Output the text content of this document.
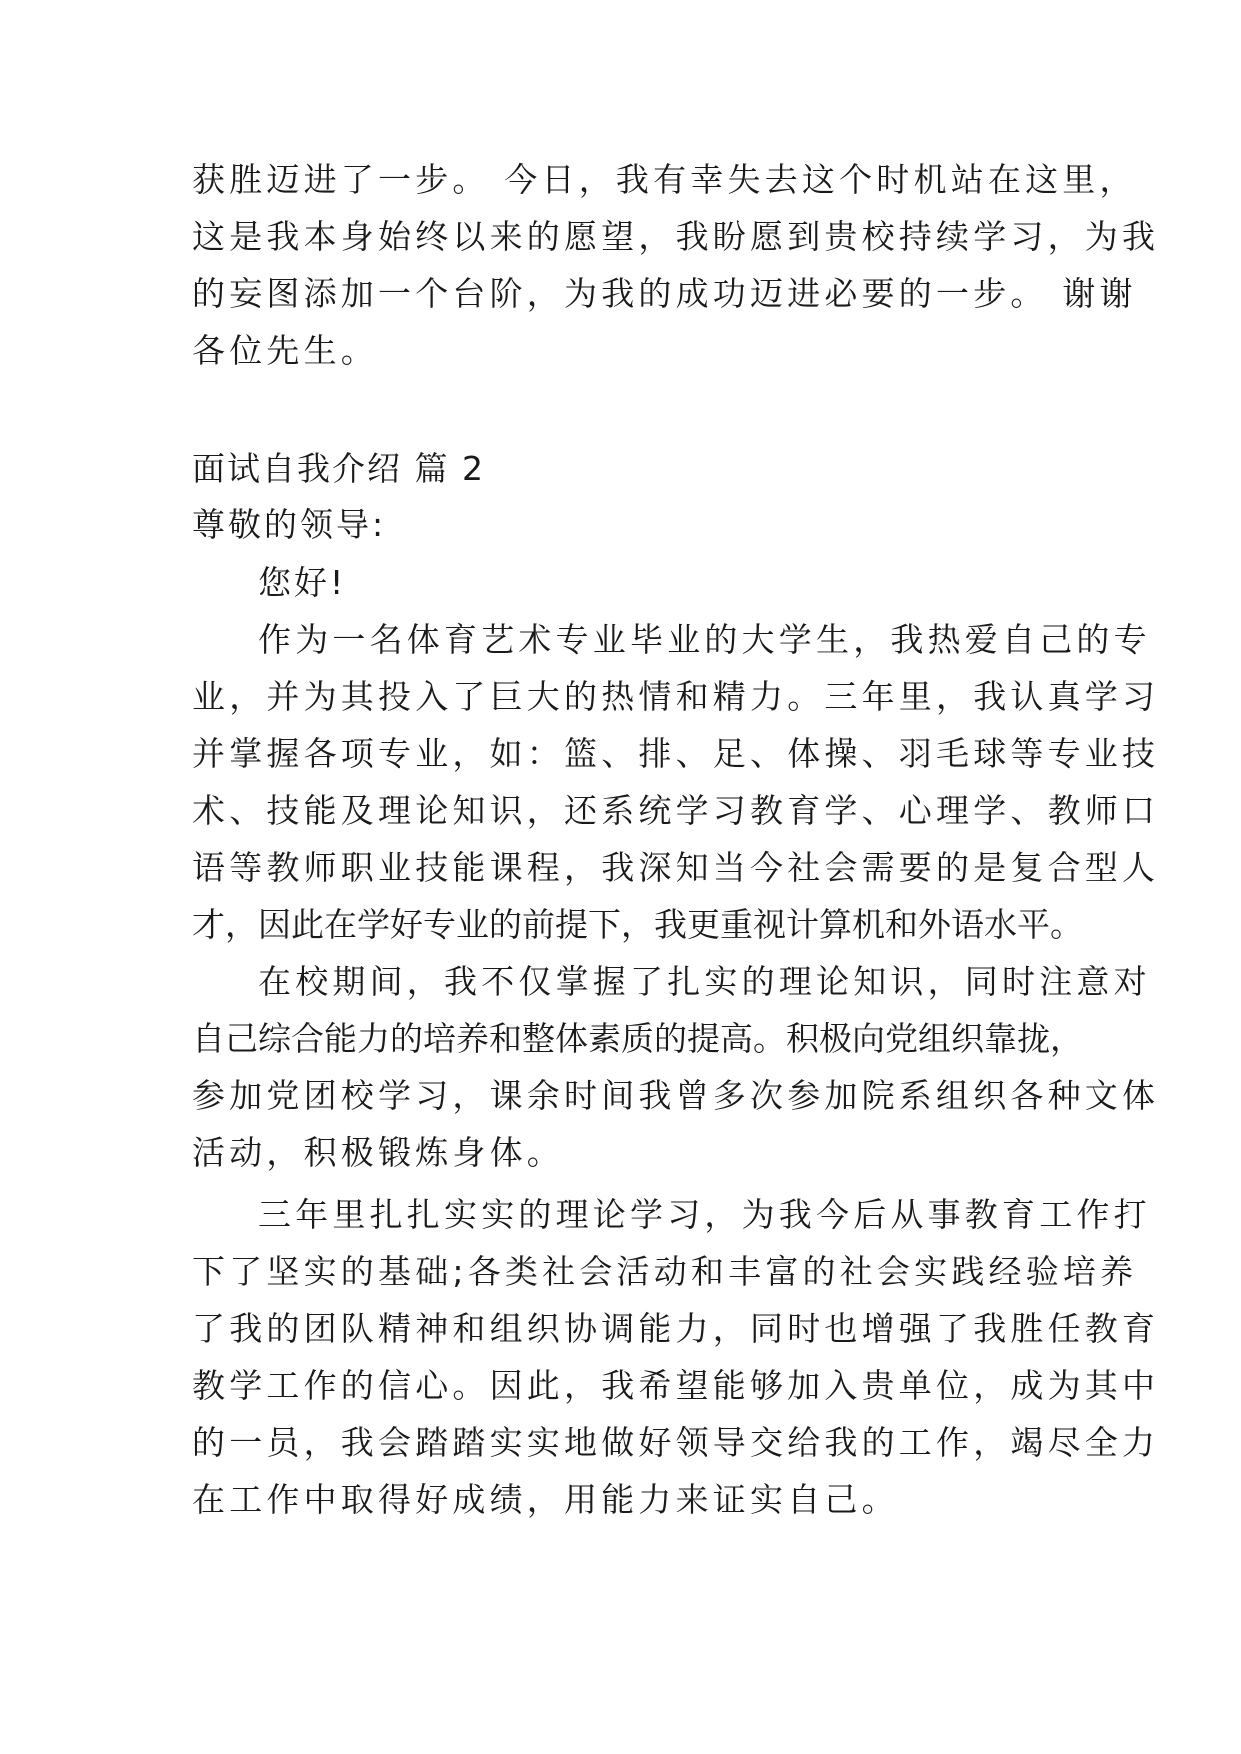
获胜迈进了一步。 今日，我有幸失去这个时机站在这里，
这是我本身始终以来的愿望，我盼愿到贵校持续学习，为我
的妄图添加一个台阶，为我的成功迈进必要的一步。 谢谢
各位先生。
面试自我介绍 篇 2
尊敬的领导:
您好!
作为一名体育艺术专业毕业的大学生，我热爱自己的专
业，并为其投入了巨大的热情和精力。三年里，我认真学习
并掌握各项专业，如：篮、排、足、体操、羽毛球等专业技
术、技能及理论知识，还系统学习教育学、心理学、教师口
语等教师职业技能课程，我深知当今社会需要的是复合型人
才，因此在学好专业的前提下，我更重视计算机和外语水平。
在校期间，我不仅掌握了扎实的理论知识，同时注意对
自己综合能力的培养和整体素质的提高。积极向党组织靠拢，
参加党团校学习，课余时间我曾多次参加院系组织各种文体
活动，积极锻炼身体。
三年里扎扎实实的理论学习，为我今后从事教育工作打
下了坚实的基础;各类社会活动和丰富的社会实践经验培养
了我的团队精神和组织协调能力，同时也增强了我胜任教育
教学工作的信心。因此，我希望能够加入贵单位，成为其中
的一员，我会踏踏实实地做好领导交给我的工作，竭尽全力
在工作中取得好成绩，用能力来证实自己。
